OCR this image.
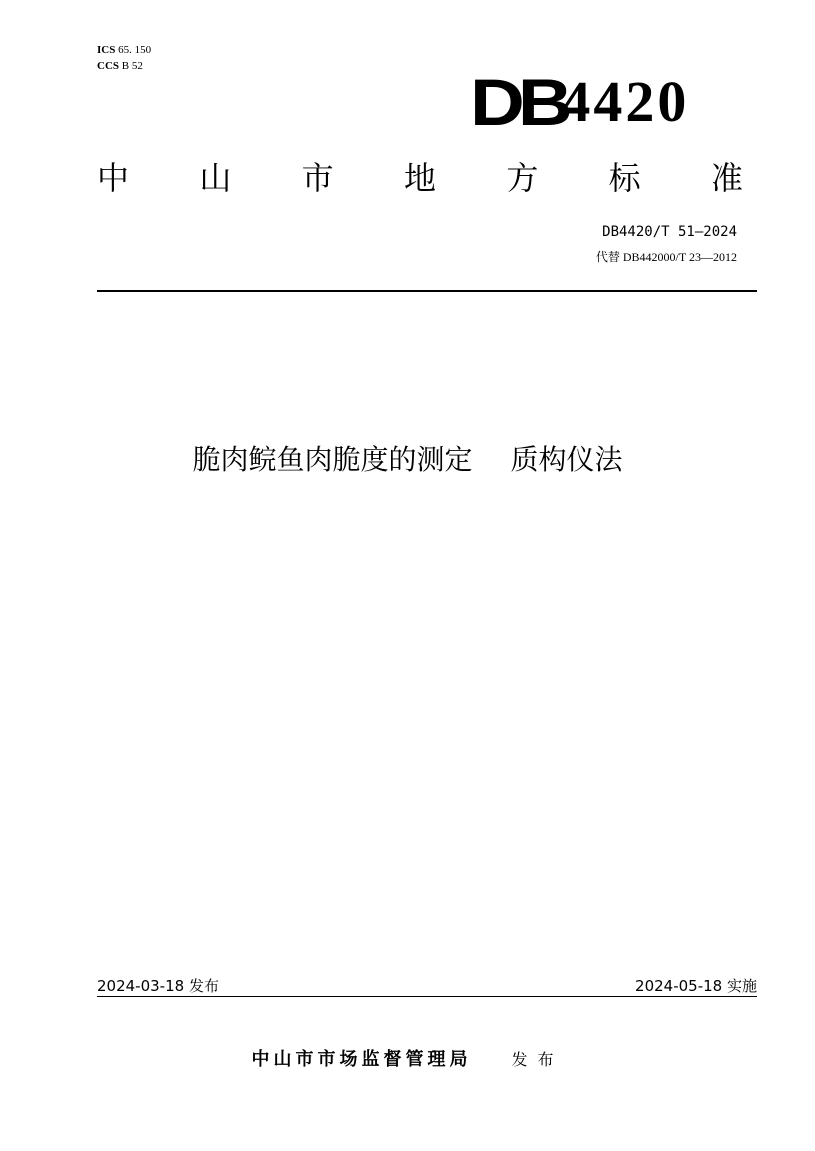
ICS 65. 150
CCS B 52	DB
4420
中 山 市 地 方 标 准
DB4420/T 51—2024
代替 DB442000/T 23—2012
脆肉鲩鱼肉脆度的测定 质构仪法
2024-03-18 发布	2024-05-18 实施
中山市市场监督管理局	发布
